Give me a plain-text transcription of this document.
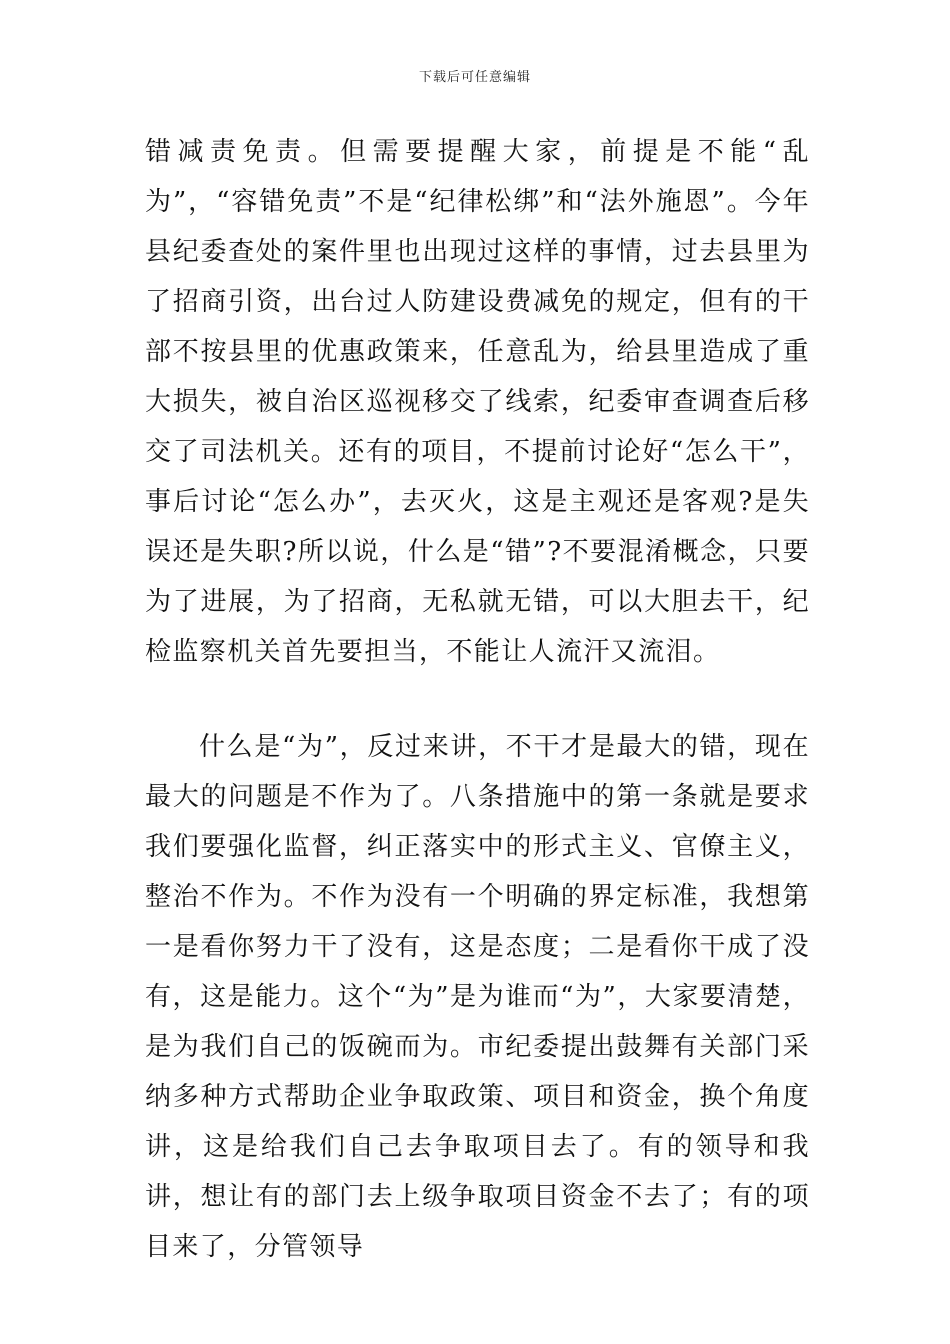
下载后可任意编辑

错减责免责。但需要提醒大家，前提是不能“乱为”，“容错免责”不是“纪律松绑”和“法外施恩”。今年县纪委查处的案件里也出现过这样的事情，过去县里为了招商引资，出台过人防建设费减免的规定，但有的干部不按县里的优惠政策来，任意乱为，给县里造成了重大损失，被自治区巡视移交了线索，纪委审查调查后移交了司法机关。还有的项目，不提前讨论好“怎么干”，事后讨论“怎么办”，去灭火，这是主观还是客观?是失误还是失职?所以说，什么是“错”?不要混淆概念，只要为了进展，为了招商，无私就无错，可以大胆去干，纪检监察机关首先要担当，不能让人流汗又流泪。

什么是“为”，反过来讲，不干才是最大的错，现在最大的问题是不作为了。八条措施中的第一条就是要求我们要强化监督，纠正落实中的形式主义、官僚主义，整治不作为。不作为没有一个明确的界定标准，我想第一是看你努力干了没有，这是态度；二是看你干成了没有，这是能力。这个“为”是为谁而“为”，大家要清楚，是为我们自己的饭碗而为。市纪委提出鼓舞有关部门采纳多种方式帮助企业争取政策、项目和资金，换个角度讲，这是给我们自己去争取项目去了。有的领导和我讲，想让有的部门去上级争取项目资金不去了；有的项目来了，分管领导
